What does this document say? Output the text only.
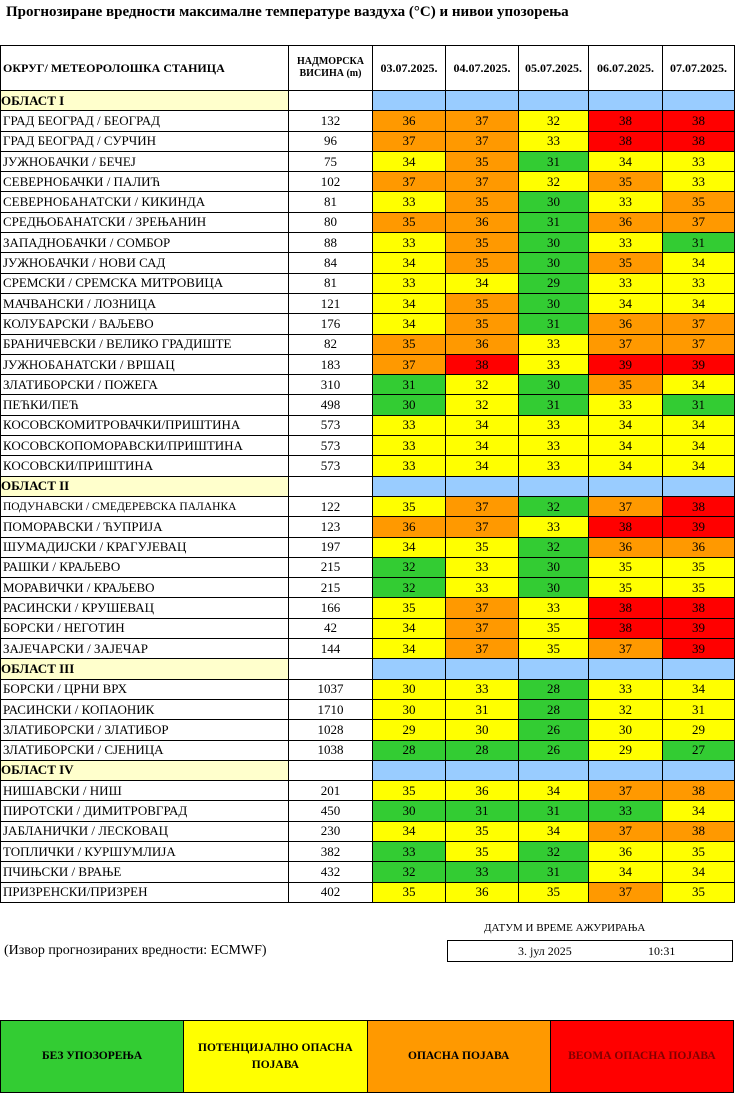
Прогнозиране вредности максималне температуре ваздуха (°C) и нивои упозорења
ОКРУГ/ МЕТЕОРОЛОШКА СТАНИЦА	НАДМОРСКА ВИСИНА (m)	03.07.2025.	04.07.2025.	05.07.2025.	06.07.2025.	07.07.2025.
ОБЛАСТ I						
ГРАД БЕОГРАД / БЕОГРАД	132	36	37	32	38	38
ГРАД БЕОГРАД / СУРЧИН	96	37	37	33	38	38
ЈУЖНОБАЧКИ / БЕЧЕЈ	75	34	35	31	34	33
СЕВЕРНОБАЧКИ / ПАЛИЋ	102	37	37	32	35	33
СЕВЕРНОБАНАТСКИ / КИКИНДА	81	33	35	30	33	35
СРЕДЊОБАНАТСКИ / ЗРЕЊАНИН	80	35	36	31	36	37
ЗАПАДНОБАЧКИ / СОМБОР	88	33	35	30	33	31
ЈУЖНОБАЧКИ / НОВИ САД	84	34	35	30	35	34
СРЕМСКИ / СРЕМСКА МИТРОВИЦА	81	33	34	29	33	33
МАЧВАНСКИ / ЛОЗНИЦА	121	34	35	30	34	34
КОЛУБАРСКИ / ВАЉЕВО	176	34	35	31	36	37
БРАНИЧЕВСКИ / ВЕЛИКО ГРАДИШТЕ	82	35	36	33	37	37
ЈУЖНОБАНАТСКИ / ВРШАЦ	183	37	38	33	39	39
ЗЛАТИБОРСКИ / ПОЖЕГА	310	31	32	30	35	34
ПЕЋКИ/ПЕЋ	498	30	32	31	33	31
КОСОВСКОМИТРОВАЧКИ/ПРИШТИНА	573	33	34	33	34	34
КОСОВСКОПОМОРАВСКИ/ПРИШТИНА	573	33	34	33	34	34
КОСОВСКИ/ПРИШТИНА	573	33	34	33	34	34
ОБЛАСТ II						
ПОДУНАВСКИ / СМЕДЕРЕВСКА ПАЛАНКА	122	35	37	32	37	38
ПОМОРАВСКИ / ЋУПРИЈА	123	36	37	33	38	39
ШУМАДИЈСКИ / КРАГУЈЕВАЦ	197	34	35	32	36	36
РАШКИ / КРАЉЕВО	215	32	33	30	35	35
МОРАВИЧКИ / КРАЉЕВО	215	32	33	30	35	35
РАСИНСКИ / КРУШЕВАЦ	166	35	37	33	38	38
БОРСКИ / НЕГОТИН	42	34	37	35	38	39
ЗАЈЕЧАРСКИ / ЗАЈЕЧАР	144	34	37	35	37	39
ОБЛАСТ III						
БОРСКИ / ЦРНИ ВРХ	1037	30	33	28	33	34
РАСИНСКИ / КОПАОНИК	1710	30	31	28	32	31
ЗЛАТИБОРСКИ / ЗЛАТИБОР	1028	29	30	26	30	29
ЗЛАТИБОРСКИ / СЈЕНИЦА	1038	28	28	26	29	27
ОБЛАСТ IV						
НИШАВСКИ / НИШ	201	35	36	34	37	38
ПИРОТСКИ / ДИМИТРОВГРАД	450	30	31	31	33	34
ЈАБЛАНИЧКИ / ЛЕСКОВАЦ	230	34	35	34	37	38
ТОПЛИЧКИ / КУРШУМЛИЈА	382	33	35	32	36	35
ПЧИЊСКИ / ВРАЊЕ	432	32	33	31	34	34
ПРИЗРЕНСКИ/ПРИЗРЕН	402	35	36	35	37	35
ДАТУМ И ВРЕМЕ АЖУРИРАЊА
3. јул 2025	10:31
(Извор прогнозираних вредности: ECMWF)
БЕЗ УПОЗОРЕЊА
ПОТЕНЦИЈАЛНО ОПАСНА ПОЈАВА
ОПАСНА ПОЈАВА	ВЕОМА ОПАСНА ПОЈАВА
